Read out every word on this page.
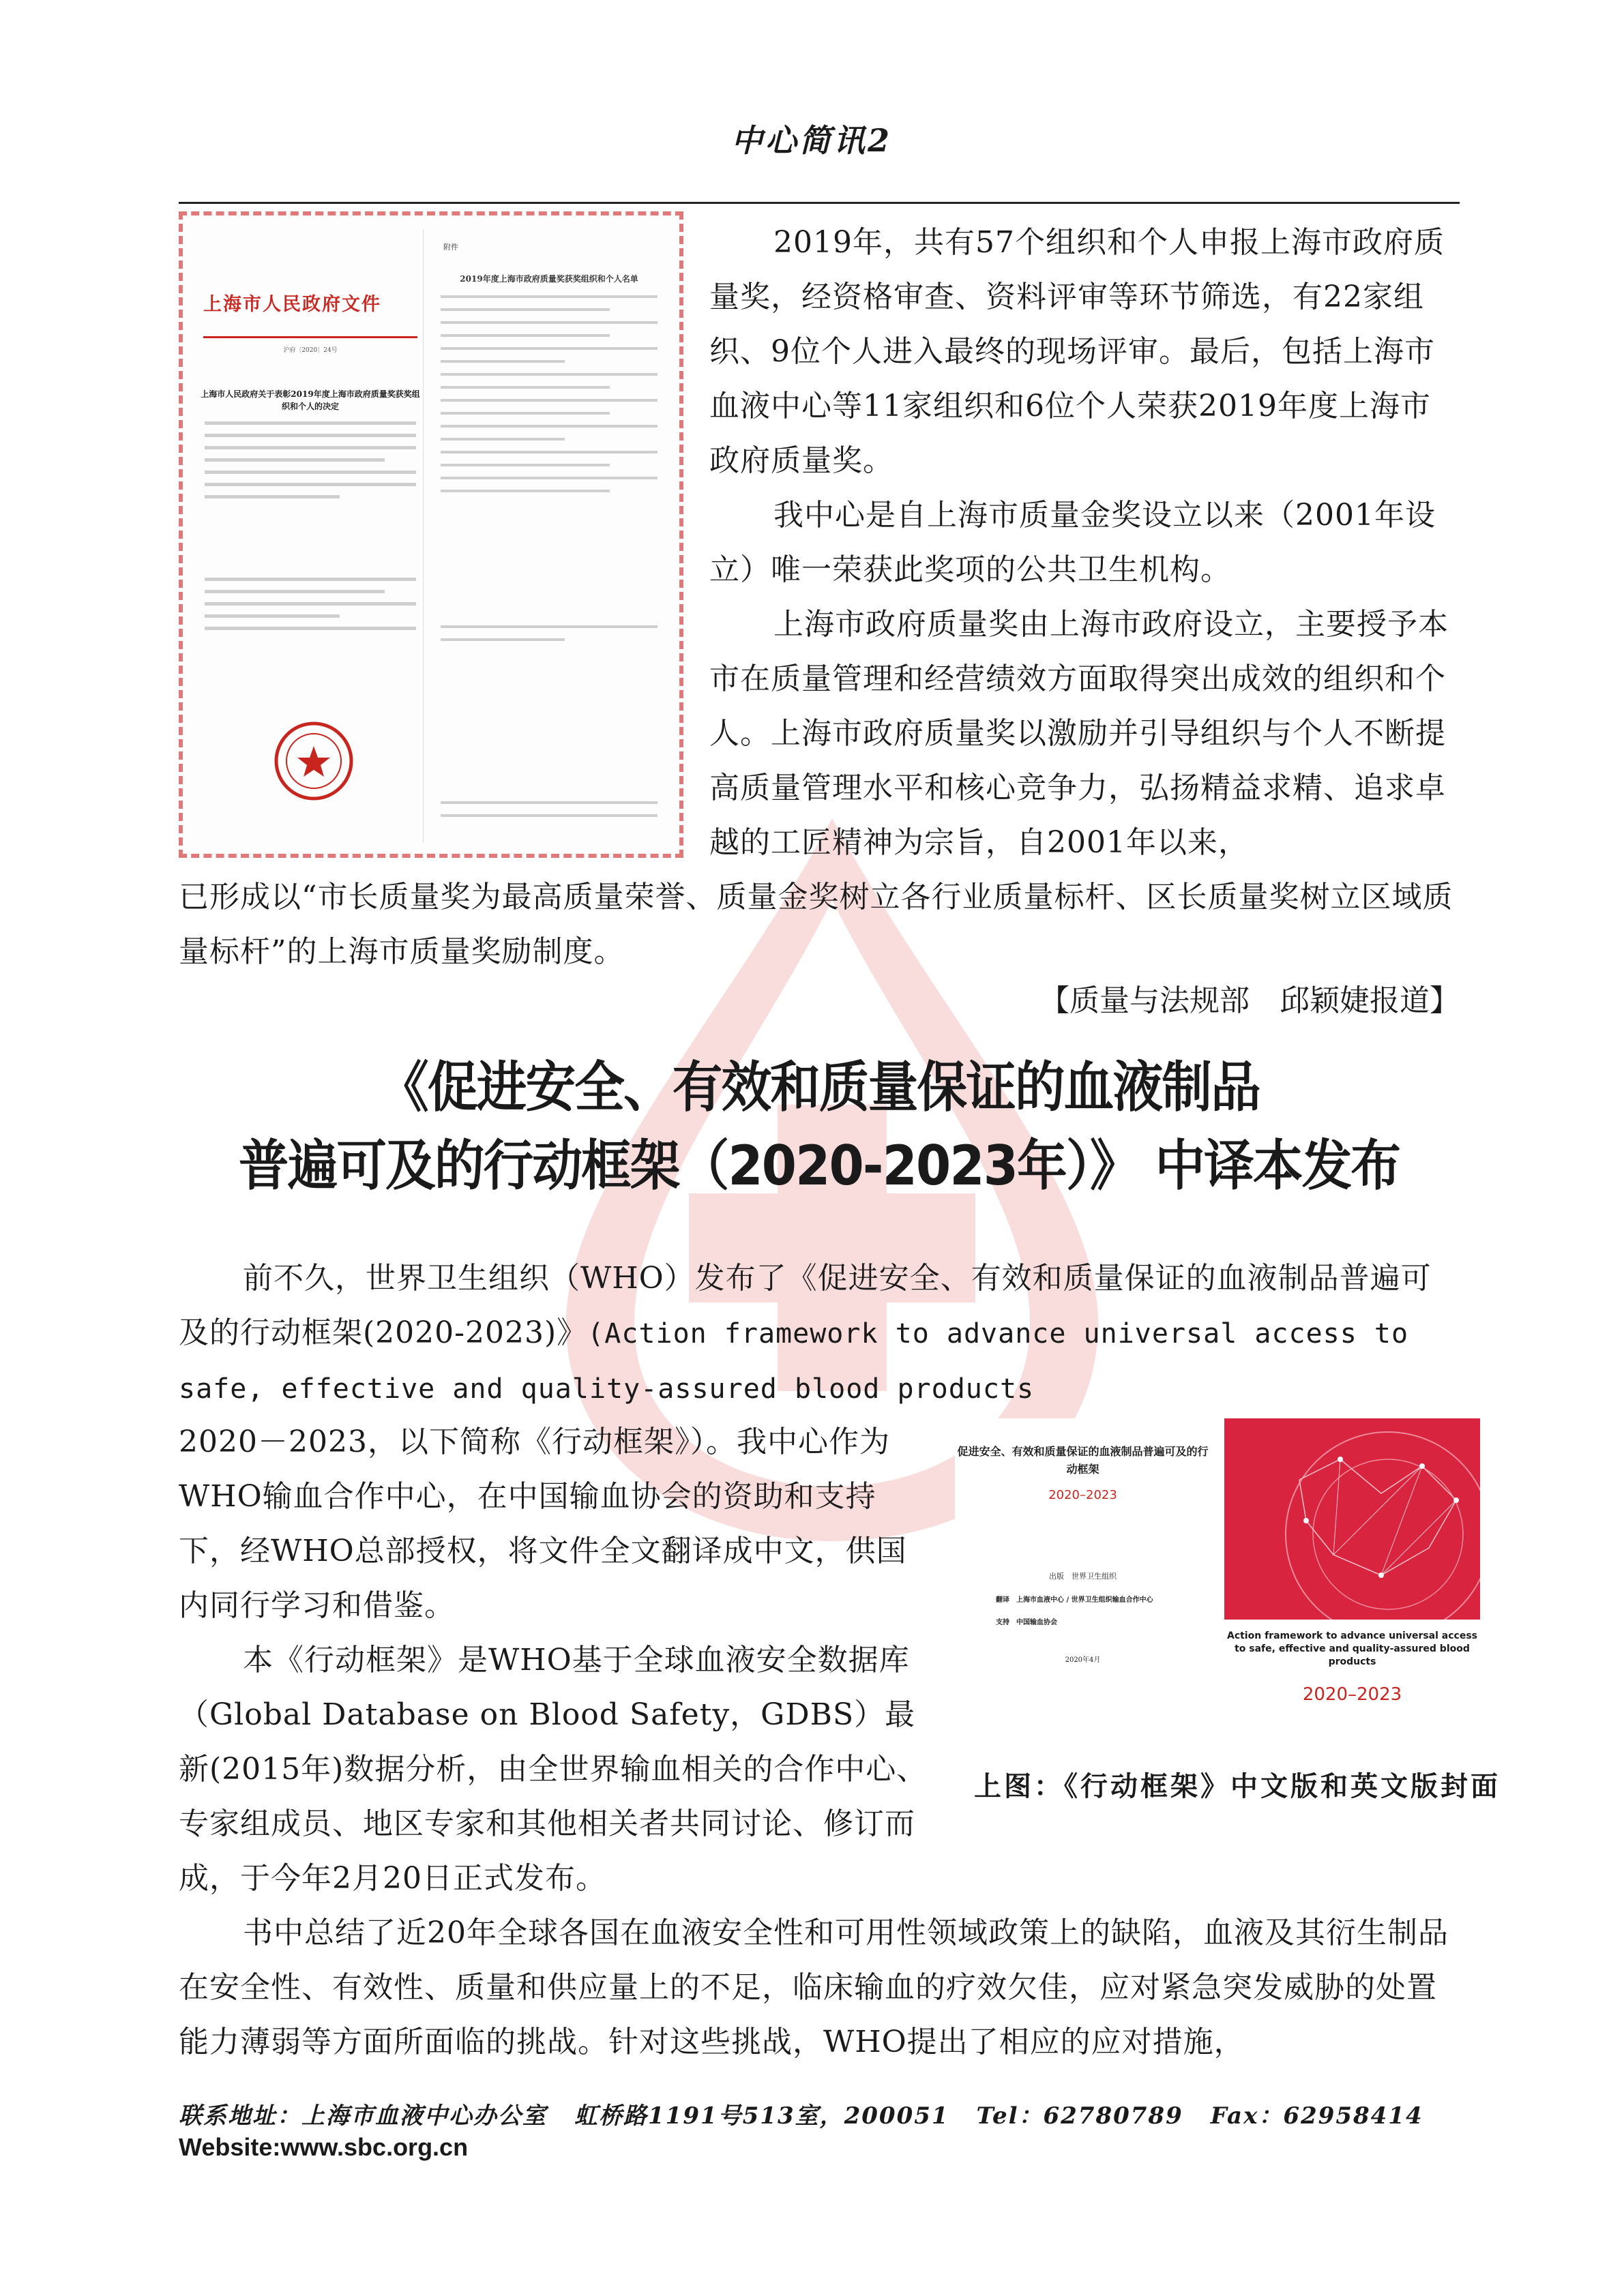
中心简讯2
上海市人民政府文件
沪府〔2020〕24号
上海市人民政府关于表彰2019年度上海市政府质量奖获奖组织和个人的决定
附件
2019年度上海市政府质量奖获奖组织和个人名单

2019年，共有57个组织和个人申报上海市政府质量奖，经资格审查、资料评审等环节筛选，有22家组织、9位个人进入最终的现场评审。最后，包括上海市血液中心等11家组织和6位个人荣获2019年度上海市政府质量奖。

我中心是自上海市质量金奖设立以来（2001年设立）唯一荣获此奖项的公共卫生机构。

上海市政府质量奖由上海市政府设立，主要授予本市在质量管理和经营绩效方面取得突出成效的组织和个人。上海市政府质量奖以激励并引导组织与个人不断提高质量管理水平和核心竞争力，弘扬精益求精、追求卓越的工匠精神为宗旨，自2001年以来，

已形成以“市长质量奖为最高质量荣誉、质量金奖树立各行业质量标杆、区长质量奖树立区域质量标杆”的上海市质量奖励制度。

【质量与法规部　邱颖婕报道】
《促进安全、有效和质量保证的血液制品
普遍可及的行动框架（2020-2023年）》 中译本发布

前不久，世界卫生组织（WHO）发布了《促进安全、有效和质量保证的血液制品普遍可及的行动框架(2020-2023)》(Action framework to advance universal access to safe, effective and quality-assured blood products

2020－2023，以下简称《行动框架》）。我中心作为WHO输血合作中心，在中国输血协会的资助和支持下，经WHO总部授权，将文件全文翻译成中文，供国内同行学习和借鉴。

本《行动框架》是WHO基于全球血液安全数据库（Global Database on Blood Safety，GDBS）最新(2015年)数据分析，由全世界输血相关的合作中心、专家组成员、地区专家和其他相关者共同讨论、修订而成，于今年2月20日正式发布。

书中总结了近20年全球各国在血液安全性和可用性领域政策上的缺陷，血液及其衍生制品在安全性、有效性、质量和供应量上的不足，临床输血的疗效欠佳，应对紧急突发威胁的处置能力薄弱等方面所面临的挑战。针对这些挑战，WHO提出了相应的应对措施，

促进安全、有效和质量保证的血液制品普遍可及的行动框架
2020–2023
出版　世界卫生组织
翻译　上海市血液中心 / 世界卫生组织输血合作中心
支持　中国输血协会
2020年4月
Action framework to advance universal access to safe, effective and quality-assured blood products
2020–2023
上图：《行动框架》中文版和英文版封面
联系地址：上海市血液中心办公室 虹桥路1191号513室，200051 Tel：62780789 Fax：62958414
Website:www.sbc.org.cn
